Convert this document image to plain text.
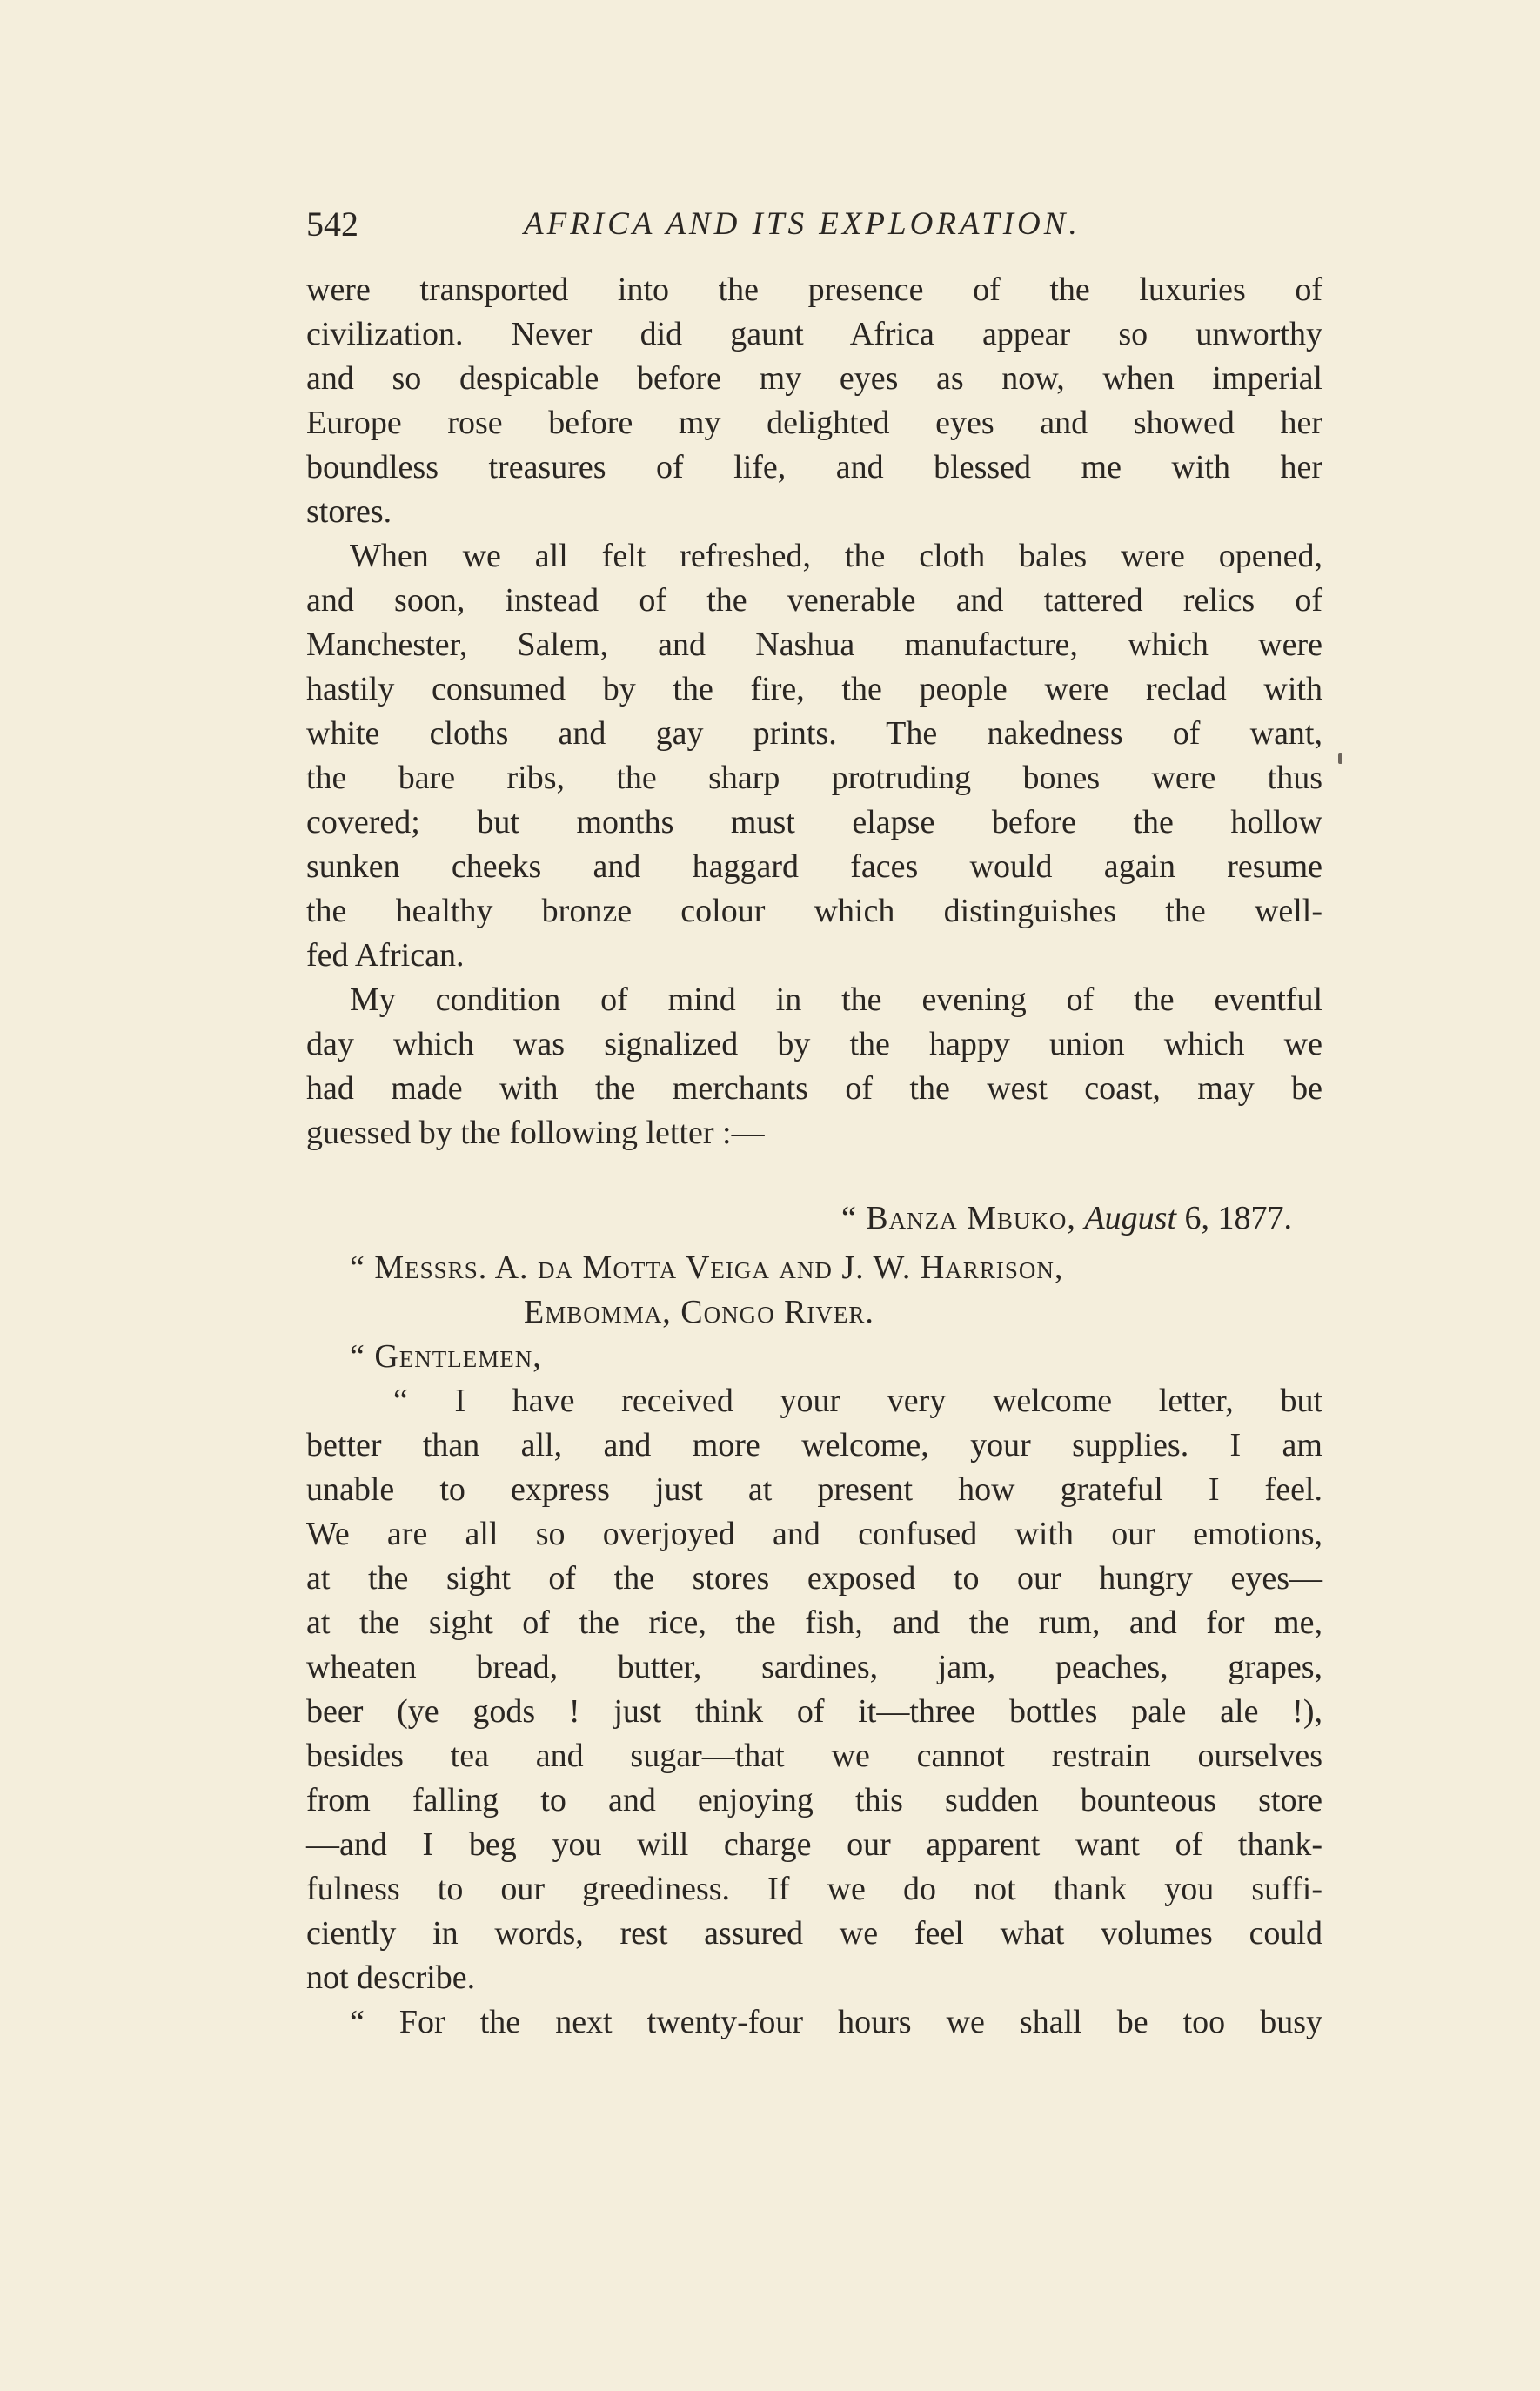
542	AFRICA AND ITS EXPLORATION.
were transported into the presence of the luxuries of
civilization. Never did gaunt Africa appear so unworthy
and so despicable before my eyes as now, when imperial
Europe rose before my delighted eyes and showed her
boundless treasures of life, and blessed me with her
stores.
When we all felt refreshed, the cloth bales were opened,
and soon, instead of the venerable and tattered relics of
Manchester, Salem, and Nashua manufacture, which were
hastily consumed by the fire, the people were reclad with
white cloths and gay prints. The nakedness of want,
the bare ribs, the sharp protruding bones were thus
covered; but months must elapse before the hollow
sunken cheeks and haggard faces would again resume
the healthy bronze colour which distinguishes the well-
fed African.
My condition of mind in the evening of the eventful
day which was signalized by the happy union which we
had made with the merchants of the west coast, may be
guessed by the following letter :—
“ Banza Mbuko, August 6, 1877.
“ Messrs. A. da Motta Veiga and J. W. Harrison,
Embomma, Congo River.
“ Gentlemen,
“ I have received your very welcome letter, but
better than all, and more welcome, your supplies. I am
unable to express just at present how grateful I feel.
We are all so overjoyed and confused with our emotions,
at the sight of the stores exposed to our hungry eyes—
at the sight of the rice, the fish, and the rum, and for me,
wheaten bread, butter, sardines, jam, peaches, grapes,
beer (ye gods ! just think of it—three bottles pale ale !),
besides tea and sugar—that we cannot restrain ourselves
from falling to and enjoying this sudden bounteous store
—and I beg you will charge our apparent want of thank-
fulness to our greediness. If we do not thank you suffi-
ciently in words, rest assured we feel what volumes could
not describe.
“ For the next twenty-four hours we shall be too busy
